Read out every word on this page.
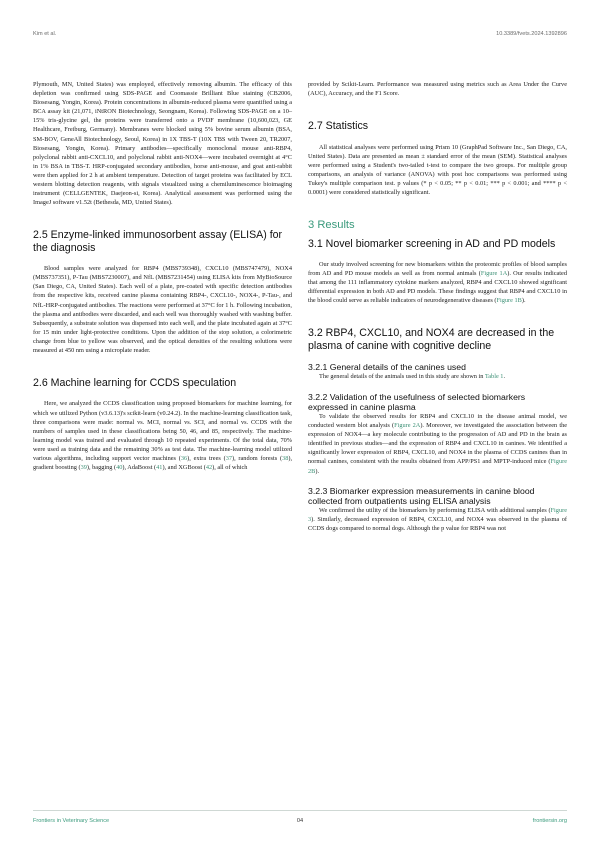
Kim et al.	10.3389/fvets.2024.1392896

Plymouth, MN, United States) was employed, effectively removing albumin. The efficacy of this depletion was confirmed using SDS-PAGE and Coomassie Brilliant Blue staining (CB2006, Biosesang, Yongin, Korea). Protein concentrations in albumin-reduced plasma were quantified using a BCA assay kit (21,071, iNtRON Biotechnology, Seongnam, Korea). Following SDS-PAGE on a 10–15% tris-glycine gel, the proteins were transferred onto a PVDF membrane (10,600,023, GE Healthcare, Freiburg, Germany). Membranes were blocked using 5% bovine serum albumin (BSA, SM-BOV, GeneAll Biotechnology, Seoul, Korea) in 1X TBS-T (10X TBS with Tween 20, TR2007, Biosesang, Yongin, Korea). Primary antibodies—specifically monoclonal mouse anti-RBP4, polyclonal rabbit anti-CXCL10, and polyclonal rabbit anti-NOX4—were incubated overnight at 4°C in 1% BSA in TBS-T. HRP-conjugated secondary antibodies, horse anti-mouse, and goat anti-rabbit were then applied for 2 h at ambient temperature. Detection of target proteins was facilitated by ECL western blotting detection reagents, with signals visualized using a chemiluminescence bioimaging instrument (CELLGENTEK, Daejeon-si, Korea). Analytical assessment was performed using the ImageJ software v1.52t (Bethesda, MD, United States).

2.5 Enzyme-linked immunosorbent assay (ELISA) for the diagnosis

Blood samples were analyzed for RBP4 (MBS739348), CXCL10 (MBS747479), NOX4 (MBS737351), P-Tau (MBS7230007), and NfL (MBS7231454) using ELISA kits from MyBioSource (San Diego, CA, United States). Each well of a plate, pre-coated with specific detection antibodies from the respective kits, received canine plasma containing RBP4-, CXCL10-, NOX4-, P-Tau-, and NfL-HRP-conjugated antibodies. The reactions were performed at 37°C for 1 h. Following incubation, the plasma and antibodies were discarded, and each well was thoroughly washed with washing buffer. Subsequently, a substrate solution was dispensed into each well, and the plate incubated again at 37°C for 15 min under light-protective conditions. Upon the addition of the stop solution, a colorimetric change from blue to yellow was observed, and the optical densities of the resulting solutions were measured at 450 nm using a microplate reader.

2.6 Machine learning for CCDS speculation

Here, we analyzed the CCDS classification using proposed biomarkers for machine learning, for which we utilized Python (v3.6.13)'s scikit-learn (v0.24.2). In the machine-learning classification task, three comparisons were made: normal vs. MCI, normal vs. SCI, and normal vs. CCDS with the numbers of samples used in these classifications being 50, 46, and 85, respectively. The machine-learning model was trained and evaluated through 10 repeated experiments. Of the total data, 70% were used as training data and the remaining 30% as test data. The machine-learning model utilized various algorithms, including support vector machines (36), extra trees (37), random forests (38), gradient boosting (39), bagging (40), AdaBoost (41), and XGBoost (42), all of which

provided by Scikit-Learn. Performance was measured using metrics such as Area Under the Curve (AUC), Accuracy, and the F1 Score.

2.7 Statistics

All statistical analyses were performed using Prism 10 (GraphPad Software Inc., San Diego, CA, United States). Data are presented as mean ± standard error of the mean (SEM). Statistical analyses were performed using a Student's two-tailed t-test to compare the two groups. For multiple group comparisons, an analysis of variance (ANOVA) with post hoc comparisons was performed using Tukey's multiple comparison test. p values (* p < 0.05; ** p < 0.01; *** p < 0.001; and **** p < 0.0001) were considered statistically significant.

3 Results
3.1 Novel biomarker screening in AD and PD models

Our study involved screening for new biomarkers within the proteomic profiles of blood samples from AD and PD mouse models as well as from normal animals (Figure 1A). Our results indicated that among the 111 inflammatory cytokine markers analyzed, RBP4 and CXCL10 showed significant differential expression in both AD and PD models. These findings suggest that RBP4 and CXCL10 in the blood could serve as reliable indicators of neurodegenerative diseases (Figure 1B).

3.2 RBP4, CXCL10, and NOX4 are decreased in the plasma of canine with cognitive decline
3.2.1 General details of the canines used

The general details of the animals used in this study are shown in Table 1.

3.2.2 Validation of the usefulness of selected biomarkers expressed in canine plasma

To validate the observed results for RBP4 and CXCL10 in the disease animal model, we conducted western blot analysis (Figure 2A). Moreover, we investigated the association between the expression of NOX4—a key molecule contributing to the progression of AD and PD in the brain as identified in previous studies—and the expression of RBP4 and CXCL10 in canines. We identified a significantly lower expression of RBP4, CXCL10, and NOX4 in the plasma of CCDS canines than in normal canines, consistent with the results obtained from APP/PS1 and MPTP-induced mice (Figure 2B).

3.2.3 Biomarker expression measurements in canine blood collected from outpatients using ELISA analysis

We confirmed the utility of the biomarkers by performing ELISA with additional samples (Figure 3). Similarly, decreased expression of RBP4, CXCL10, and NOX4 was observed in the plasma of CCDS dogs compared to normal dogs. Although the p value for RBP4 was not

Frontiers in Veterinary Science	04	frontiersin.org
